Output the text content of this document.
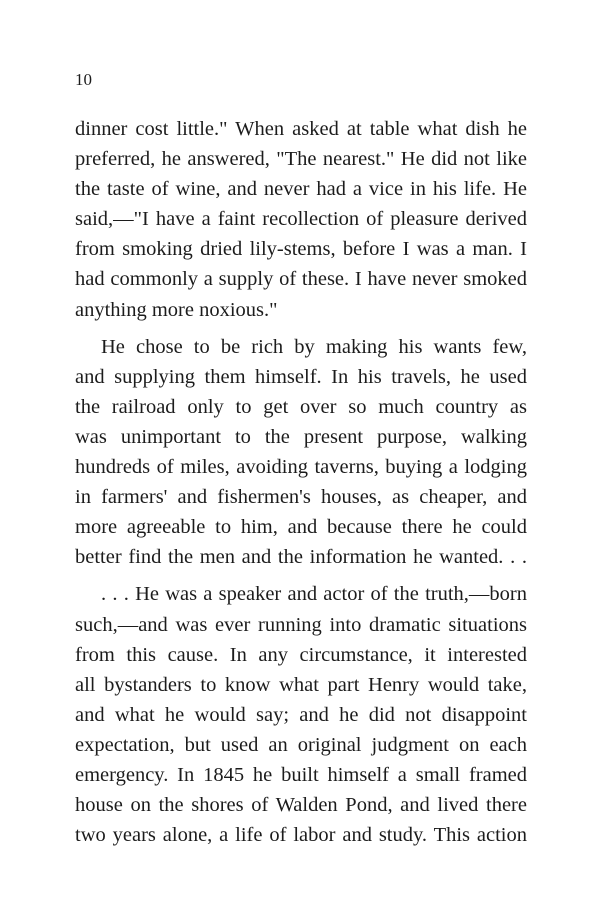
10
dinner cost little." When asked at table what dish he
preferred, he answered, "The nearest." He did not like
the taste of wine, and never had a vice in his life. He
said,—"I have a faint recollection of pleasure derived
from smoking dried lily-stems, before I was a man. I
had commonly a supply of these. I have never smoked
anything more noxious."
He chose to be rich by making his wants few,
and supplying them himself. In his travels, he used
the railroad only to get over so much country as
was unimportant to the present purpose, walking
hundreds of miles, avoiding taverns, buying a lodging
in farmers' and fishermen's houses, as cheaper, and
more agreeable to him, and because there he could
better find the men and the information he wanted. . .
. . . He was a speaker and actor of the truth,—born
such,—and was ever running into dramatic situations
from this cause. In any circumstance, it interested
all bystanders to know what part Henry would take,
and what he would say; and he did not disappoint
expectation, but used an original judgment on each
emergency. In 1845 he built himself a small framed
house on the shores of Walden Pond, and lived there
two years alone, a life of labor and study. This action
